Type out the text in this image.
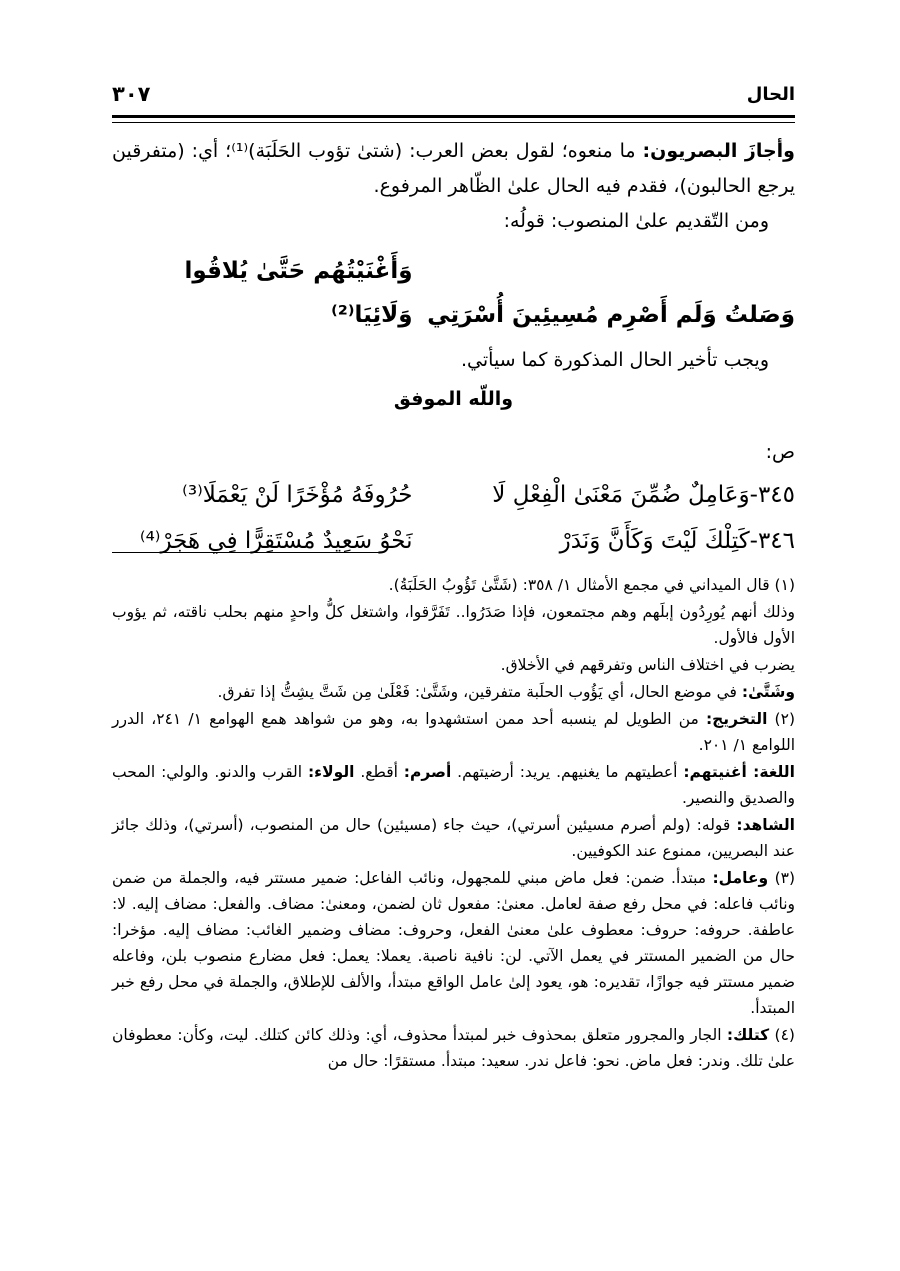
الحال
٣٠٧

وأجازَ البصريون: ما منعوه؛ لقول بعض العرب: (شتىٰ تؤوب الحَلَبَة)⁽¹⁾؛ أي: (متفرقين يرجع الحالبون)، فقدم فيه الحال علىٰ الظّاهر المرفوع.

ومن التّقديم علىٰ المنصوب: قولُه:

وَصَلتُ وَلَم أَصْرِم مُسِيئِينَ أُسْرَتِيوَأَغْنَيْتُهُم حَتَّىٰ يُلاقُوا وَلَائِيَا⁽²⁾

ويجب تأخير الحال المذكورة كما سيأتي.

واللّه الموفق

ص:

٣٤٥-وَعَامِلٌ ضُمِّنَ مَعْنَىٰ الْفِعْلِ لَا
حُرُوفَهُ مُؤْخَرًا لَنْ يَعْمَلَا⁽³⁾
٣٤٦-كَتِلْكَ لَيْتَ وَكَأَنَّ وَنَدَرْ
نَحْوُ سَعِيدٌ مُسْتَقِرًّا فِي هَجَرْ⁽⁴⁾

(١) قال الميداني في مجمع الأمثال ١/ ٣٥٨: (شَتَّىٰ تَؤُوبُ الحَلَبَةُ).

وذلك أنهم يُورِدُون إبلَهم وهم مجتمعون، فإذا صَدَرُوا.. تَفَرَّقوا، واشتغل كلُّ واحدٍ منهم بحلب ناقته، ثم يؤوب الأول فالأول.

يضرب في اختلاف الناس وتفرقهم في الأخلاق.

وشَتَّىٰ: في موضع الحال، أي يَؤُوب الحلَبة متفرقين، وشَتَّىٰ: فَعْلَىٰ مِن شَتَّ يشِتُّ إذا تفرق.

(٢) التخريج: من الطويل لم ينسبه أحد ممن استشهدوا به، وهو من شواهد همع الهوامع ١/ ٢٤١، الدرر اللوامع ١/ ٢٠١.

اللغة: أغنيتهم: أعطيتهم ما يغنيهم. يريد: أرضيتهم. أصرم: أقطع. الولاء: القرب والدنو. والولي: المحب والصديق والنصير.

الشاهد: قوله: (ولم أصرم مسيئين أسرتي)، حيث جاء (مسيئين) حال من المنصوب، (أسرتي)، وذلك جائز عند البصريين، ممنوع عند الكوفيين.

(٣) وعامل: مبتدأ. ضمن: فعل ماض مبني للمجهول، ونائب الفاعل: ضمير مستتر فيه، والجملة من ضمن ونائب فاعله: في محل رفع صفة لعامل. معنىٰ: مفعول ثان لضمن، ومعنىٰ: مضاف. والفعل: مضاف إليه. لا: عاطفة. حروفه: حروف: معطوف علىٰ معنىٰ الفعل، وحروف: مضاف وضمير الغائب: مضاف إليه. مؤخرا: حال من الضمير المستتر في يعمل الآتي. لن: نافية ناصبة. يعملا: يعمل: فعل مضارع منصوب بلن، وفاعله ضمير مستتر فيه جوازًا، تقديره: هو، يعود إلىٰ عامل الواقع مبتدأ، والألف للإطلاق، والجملة في محل رفع خبر المبتدأ.

(٤) كتلك: الجار والمجرور متعلق بمحذوف خبر لمبتدأ محذوف، أي: وذلك كائن كتلك. ليت، وكأن: معطوفان علىٰ تلك. وندر: فعل ماض. نحو: فاعل ندر. سعيد: مبتدأ. مستقرًا: حال من
